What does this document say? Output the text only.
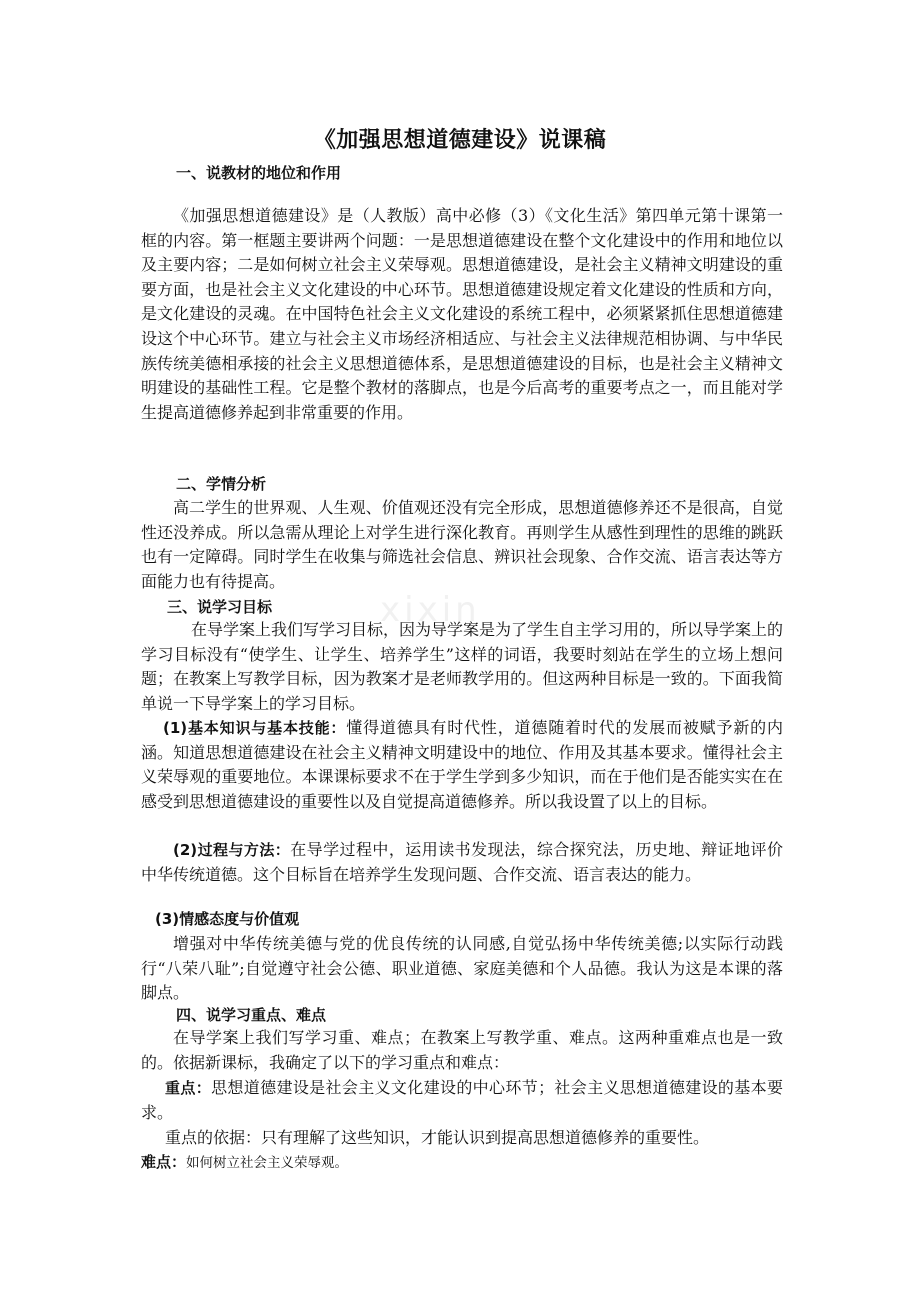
xixin
《加强思想道德建设》说课稿
一、说教材的地位和作用
《加强思想道德建设》是（人教版）高中必修（3）《文化生活》第四单元第十课第一框的内容。第一框题主要讲两个问题：一是思想道德建设在整个文化建设中的作用和地位以及主要内容；二是如何树立社会主义荣辱观。思想道德建设，是社会主义精神文明建设的重要方面，也是社会主义文化建设的中心环节。思想道德建设规定着文化建设的性质和方向，是文化建设的灵魂。在中国特色社会主义文化建设的系统工程中，必须紧紧抓住思想道德建设这个中心环节。建立与社会主义市场经济相适应、与社会主义法律规范相协调、与中华民族传统美德相承接的社会主义思想道德体系，是思想道德建设的目标，也是社会主义精神文明建设的基础性工程。它是整个教材的落脚点，也是今后高考的重要考点之一，而且能对学生提高道德修养起到非常重要的作用。
二、学情分析
高二学生的世界观、人生观、价值观还没有完全形成，思想道德修养还不是很高，自觉性还没养成。所以急需从理论上对学生进行深化教育。再则学生从感性到理性的思维的跳跃也有一定障碍。同时学生在收集与筛选社会信息、辨识社会现象、合作交流、语言表达等方面能力也有待提高。
三、说学习目标
在导学案上我们写学习目标，因为导学案是为了学生自主学习用的，所以导学案上的学习目标没有“使学生、让学生、培养学生”这样的词语，我要时刻站在学生的立场上想问题；在教案上写教学目标，因为教案才是老师教学用的。但这两种目标是一致的。下面我简单说一下导学案上的学习目标。
(1)基本知识与基本技能：懂得道德具有时代性，道德随着时代的发展而被赋予新的内涵。知道思想道德建设在社会主义精神文明建设中的地位、作用及其基本要求。懂得社会主义荣辱观的重要地位。本课课标要求不在于学生学到多少知识，而在于他们是否能实实在在感受到思想道德建设的重要性以及自觉提高道德修养。所以我设置了以上的目标。
(2)过程与方法：在导学过程中，运用读书发现法，综合探究法，历史地、辩证地评价中华传统道德。这个目标旨在培养学生发现问题、合作交流、语言表达的能力。
(3)情感态度与价值观
增强对中华传统美德与党的优良传统的认同感,自觉弘扬中华传统美德;以实际行动践行“八荣八耻”;自觉遵守社会公德、职业道德、家庭美德和个人品德。我认为这是本课的落脚点。
四、说学习重点、难点
在导学案上我们写学习重、难点；在教案上写教学重、难点。这两种重难点也是一致的。依据新课标，我确定了以下的学习重点和难点：
重点：思想道德建设是社会主义文化建设的中心环节；社会主义思想道德建设的基本要求。
重点的依据：只有理解了这些知识，才能认识到提高思想道德修养的重要性。
难点：如何树立社会主义荣辱观。
